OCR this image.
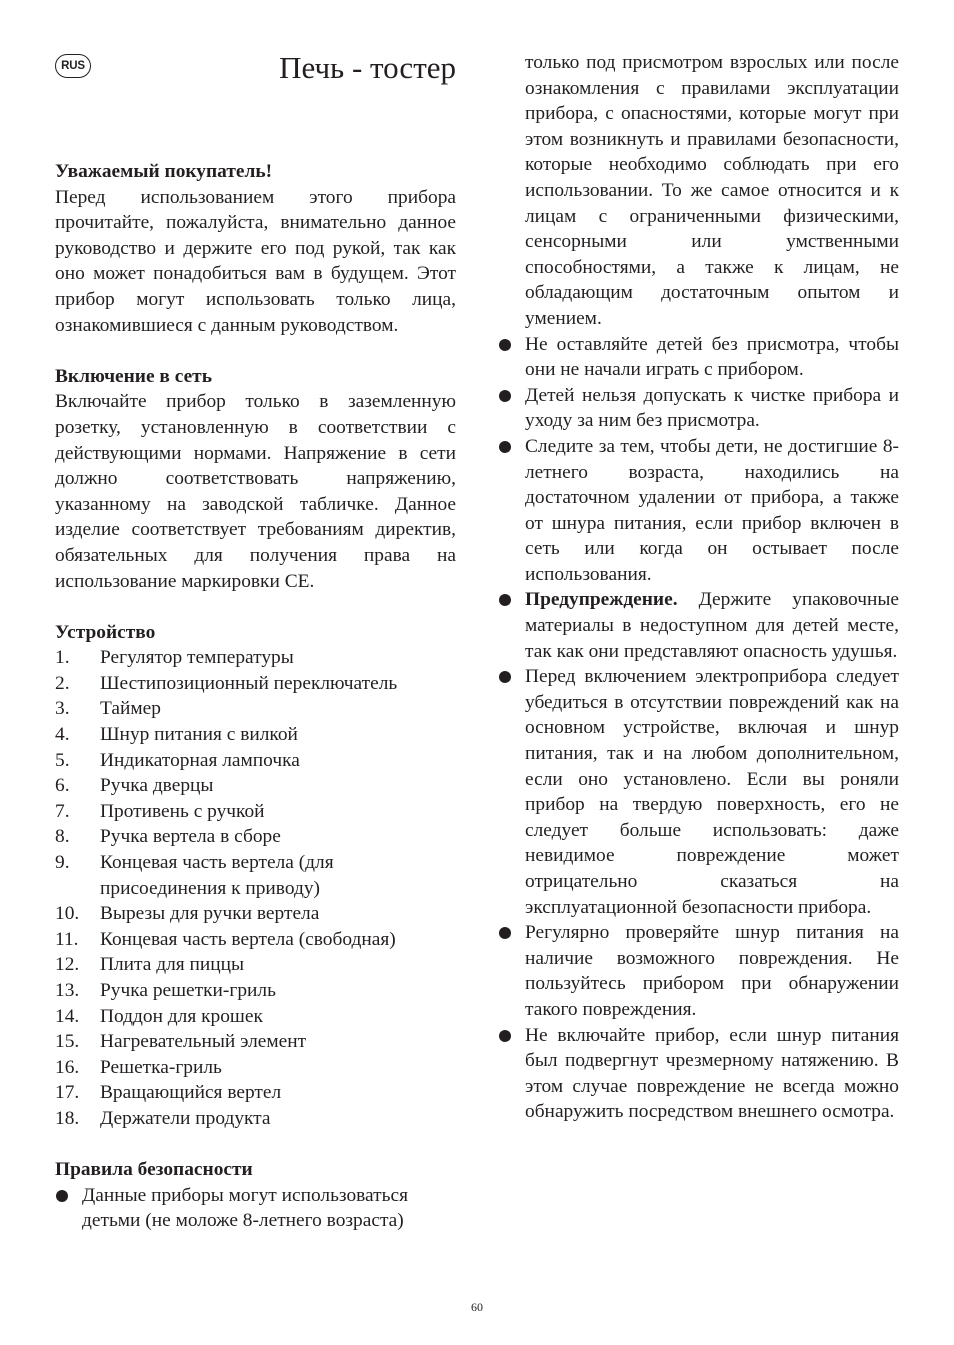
RUS	Печь - тостер
Уважаемый покупатель!
Перед использованием этого прибора прочитайте, пожалуйста, внимательно данное руководство и держите его под рукой, так как оно может понадобиться вам в будущем. Этот прибор могут использовать только лица, ознакомившиеся с данным руководством.
Включение в сеть
Включайте прибор только в заземленную розетку, установленную в соответствии с действующими нормами. Напряжение в сети должно соответствовать напряжению, указанному на заводской табличке. Данное изделие соответствует требованиям директив, обязательных для получения права на использование маркировки CE.
Устройство
1.	Регулятор температуры
2.	Шестипозиционный переключатель
3.	Таймер
4.	Шнур питания с вилкой
5.	Индикаторная лампочка
6.	Ручка дверцы
7.	Противень с ручкой
8.	Ручка вертела в сборе
9.	Концевая часть вертела (для присоединения к приводу)
10.	Вырезы для ручки вертела
11.	Концевая часть вертела (свободная)
12.	Плита для пиццы
13.	Ручка решетки-гриль
14.	Поддон для крошек
15.	Нагревательный элемент
16.	Решетка-гриль
17.	Вращающийся вертел
18.	Держатели продукта
Правила безопасности
Данные приборы могут использоваться детьми (не моложе 8-летнего возраста)
только под присмотром взрослых или после ознакомления с правилами эксплуатации прибора, с опасностями, которые могут при этом возникнуть и правилами безопасности, которые необходимо соблюдать при его использовании. То же самое относится и к лицам с ограниченными физическими, сенсорными или умственными способностями, а также к лицам, не обладающим достаточным опытом и умением.
Не оставляйте детей без присмотра, чтобы они не начали играть с прибором.
Детей нельзя допускать к чистке прибора и уходу за ним без присмотра.
Следите за тем, чтобы дети, не достигшие 8-летнего возраста, находились на достаточном удалении от прибора, а также от шнура питания, если прибор включен в сеть или когда он остывает после использования.
Предупреждение. Держите упаковочные материалы в недоступном для детей месте, так как они представляют опасность удушья.
Перед включением электроприбора следует убедиться в отсутствии повреждений как на основном устройстве, включая и шнур питания, так и на любом дополнительном, если оно установлено. Если вы роняли прибор на твердую поверхность, его не следует больше использовать: даже невидимое повреждение может отрицательно сказаться на эксплуатационной безопасности прибора.
Регулярно проверяйте шнур питания на наличие возможного повреждения. Не пользуйтесь прибором при обнаружении такого повреждения.
Не включайте прибор, если шнур питания был подвергнут чрезмерному натяжению. В этом случае повреждение не всегда можно обнаружить посредством внешнего осмотра.
60
